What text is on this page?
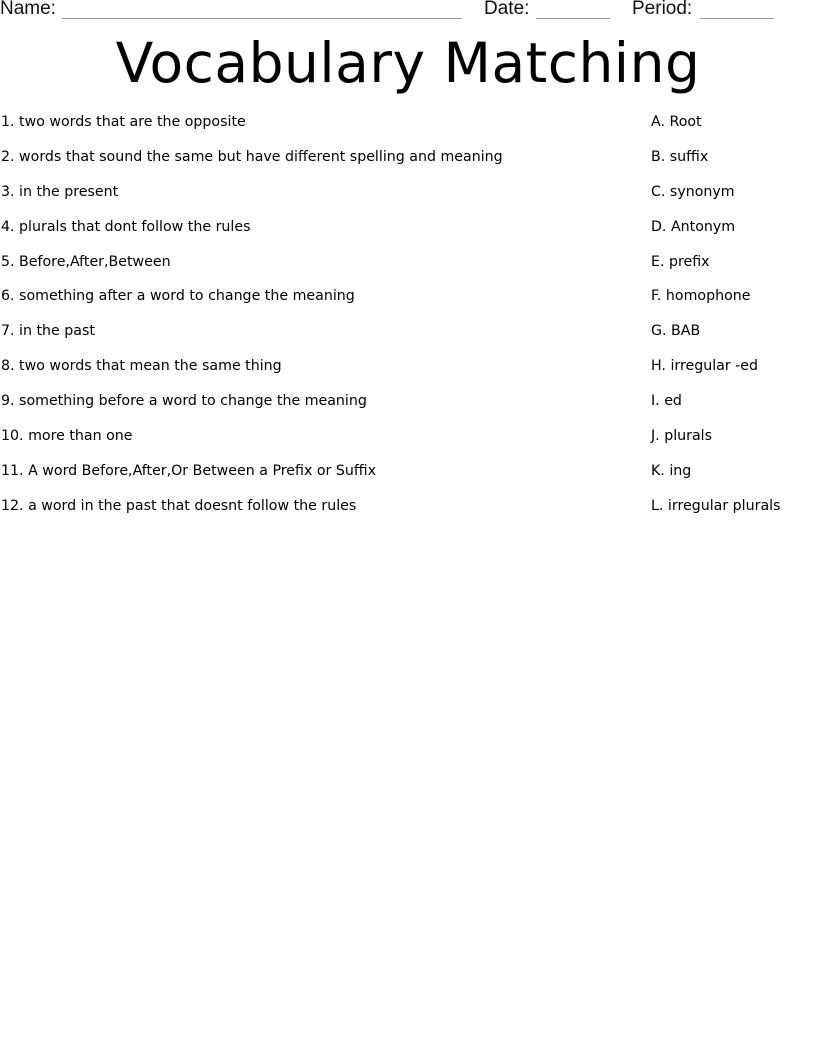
Name:	Date:	Period:
Vocabulary Matching
1. two words that are the opposite	A. Root
2. words that sound the same but have different spelling and meaning	B. suffix
3. in the present	C. synonym
4. plurals that dont follow the rules	D. Antonym
5. Before,After,Between	E. prefix
6. something after a word to change the meaning	F. homophone
7. in the past	G. BAB
8. two words that mean the same thing	H. irregular -ed
9. something before a word to change the meaning	I. ed
10. more than one	J. plurals
11. A word Before,After,Or Between a Prefix or Suffix	K. ing
12. a word in the past that doesnt follow the rules	L. irregular plurals
